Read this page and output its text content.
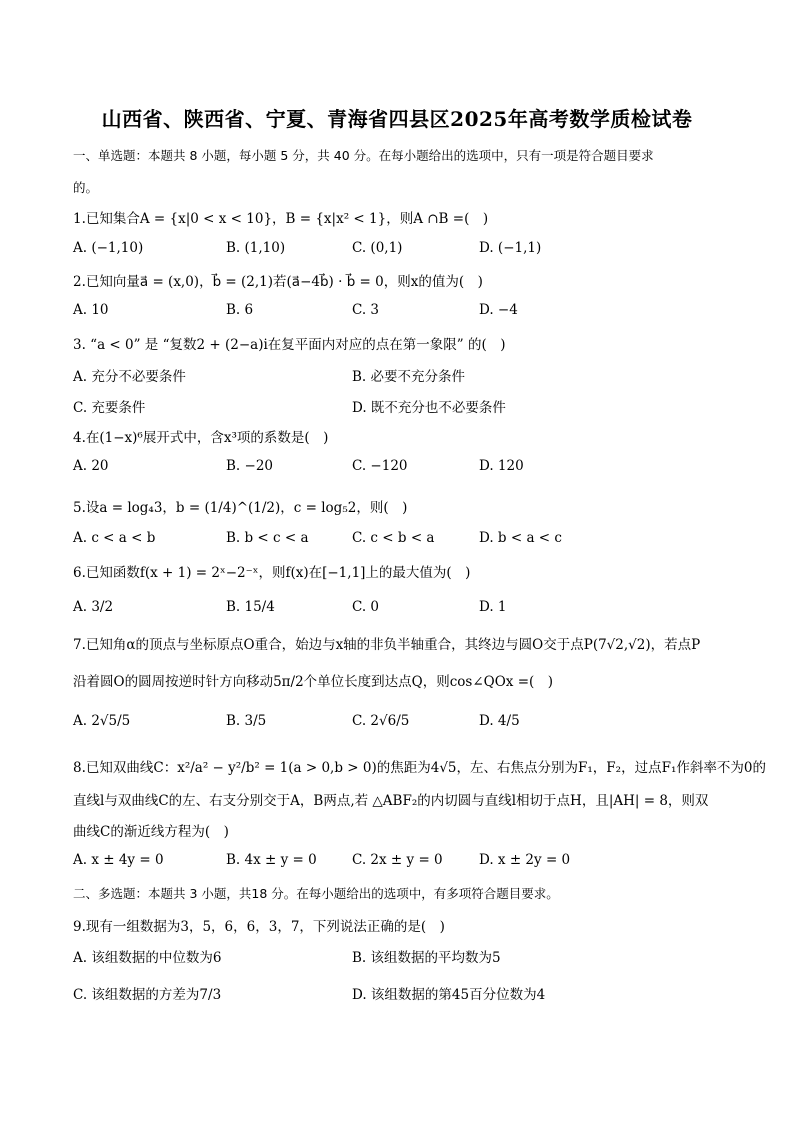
山西省、陕西省、宁夏、青海省四县区2025年高考数学质检试卷
一、单选题：本题共 8 小题，每小题 5 分，共 40 分。在每小题给出的选项中，只有一项是符合题目要求
的。
1.已知集合A = {x|0 < x < 10}，B = {x|x² < 1}，则A ∩B =(　)
A. (−1,10)	B. (1,10)	C. (0,1)	D. (−1,1)
2.已知向量a⃗ = (x,0)，b⃗ = (2,1)若(a⃗−4b⃗) · b⃗ = 0，则x的值为(　)
A. 10	B. 6	C. 3	D. −4
3. “a < 0” 是 “复数2 + (2−a)i在复平面内对应的点在第一象限” 的(　)
A. 充分不必要条件	B. 必要不充分条件
C. 充要条件	D. 既不充分也不必要条件
4.在(1−x)⁶展开式中，含x³项的系数是(　)
A. 20	B. −20	C. −120	D. 120
5.设a = log₄3，b = (1/4)^(1/2)，c = log₅2，则(　)
A. c < a < b	B. b < c < a	C. c < b < a	D. b < a < c
6.已知函数f(x + 1) = 2ˣ−2⁻ˣ，则f(x)在[−1,1]上的最大值为(　)
A. 3/2	B. 15/4	C. 0	D. 1
7.已知角α的顶点与坐标原点O重合，始边与x轴的非负半轴重合，其终边与圆O交于点P(7√2,√2)，若点P
沿着圆O的圆周按逆时针方向移动5π/2个单位长度到达点Q，则cos∠QOx =(　)
A. 2√5/5	B. 3/5	C. 2√6/5	D. 4/5
8.已知双曲线C：x²/a² − y²/b² = 1(a > 0,b > 0)的焦距为4√5，左、右焦点分别为F₁，F₂，过点F₁作斜率不为0的
直线l与双曲线C的左、右支分别交于A，B两点,若 △ABF₂的内切圆与直线l相切于点H，且|AH| = 8，则双
曲线C的渐近线方程为(　)
A. x ± 4y = 0	B. 4x ± y = 0	C. 2x ± y = 0	D. x ± 2y = 0
二、多选题：本题共 3 小题，共18 分。在每小题给出的选项中，有多项符合题目要求。
9.现有一组数据为3，5，6，6，3，7，下列说法正确的是(　)
A. 该组数据的中位数为6	B. 该组数据的平均数为5
C. 该组数据的方差为7/3	D. 该组数据的第45百分位数为4
